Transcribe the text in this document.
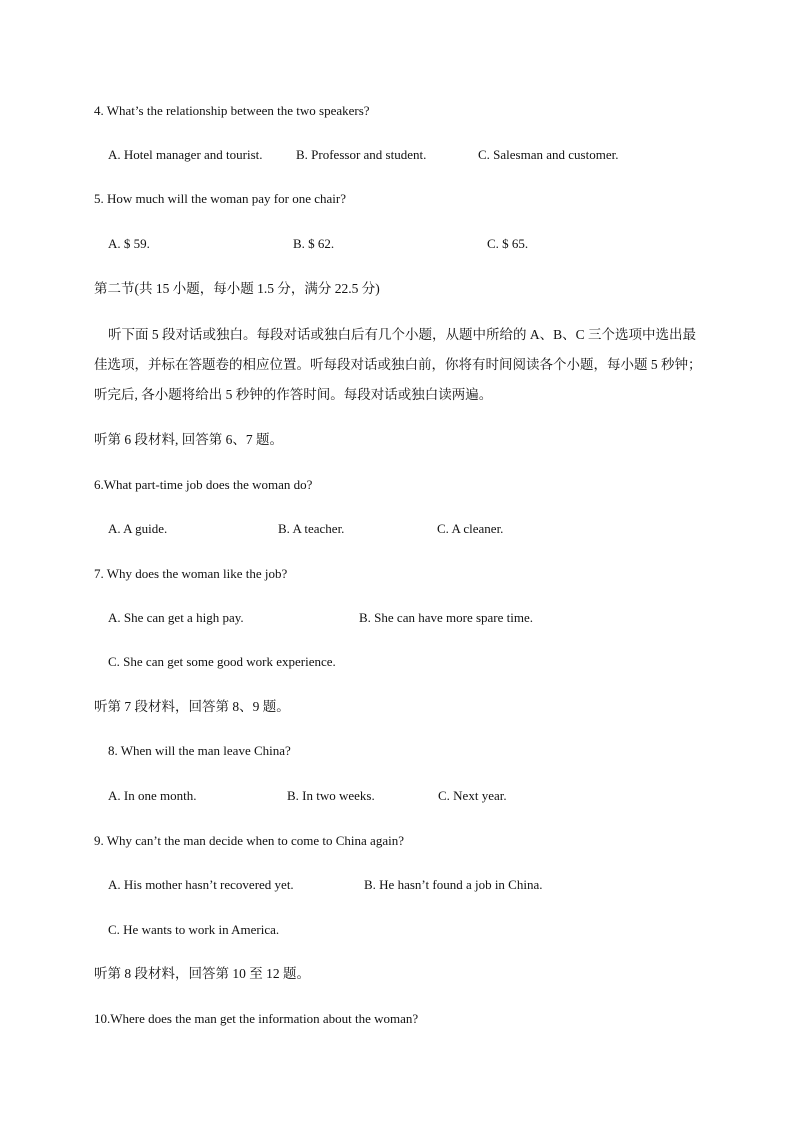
4. What’s the relationship between the two speakers?
A. Hotel manager and tourist.	B. Professor and student.	C. Salesman and customer.
5. How much will the woman pay for one chair?
A. $ 59.	B. $ 62.	C. $ 65.
第二节(共 15 小题，每小题 1.5 分，满分 22.5 分)
听下面 5 段对话或独白。每段对话或独白后有几个小题，从题中所给的 A、B、C 三个选项中选出最佳选项，并标在答题卷的相应位置。听每段对话或独白前，你将有时间阅读各个小题，每小题 5 秒钟；听完后, 各小题将给出 5 秒钟的作答时间。每段对话或独白读两遍。
听第 6 段材料, 回答第 6、7 题。
6.What part-time job does the woman do?
A. A guide.	B. A teacher.	C. A cleaner.
7. Why does the woman like the job?
A. She can get a high pay.	B. She can have more spare time.
C. She can get some good work experience.
听第 7 段材料，回答第 8、9 题。
8. When will the man leave China?
A. In one month.	B. In two weeks.	C. Next year.
9. Why can’t the man decide when to come to China again?
A. His mother hasn’t recovered yet.	B. He hasn’t found a job in China.
C. He wants to work in America.
听第 8 段材料，回答第 10 至 12 题。
10.Where does the man get the information about the woman?
